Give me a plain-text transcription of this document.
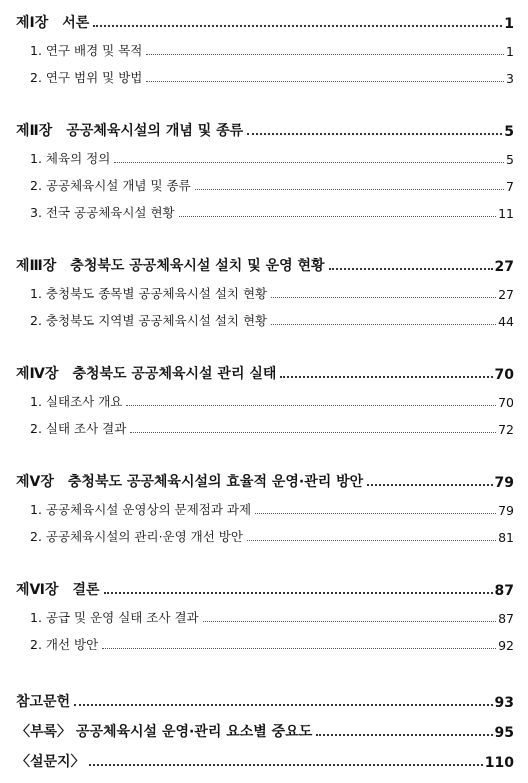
제Ⅰ장 서론	1
1. 연구 배경 및 목적	1
2. 연구 범위 및 방법	3
제Ⅱ장 공공체육시설의 개념 및 종류	5
1. 체육의 정의	5
2. 공공체육시설 개념 및 종류	7
3. 전국 공공체육시설 현황	11
제Ⅲ장 충청북도 공공체육시설 설치 및 운영 현황	27
1. 충청북도 종목별 공공체육시설 설치 현황	27
2. 충청북도 지역별 공공체육시설 설치 현황	44
제Ⅳ장 충청북도 공공체육시설 관리 실태	70
1. 실태조사 개요	70
2. 실태 조사 결과	72
제Ⅴ장 충청북도 공공체육시설의 효율적 운영·관리 방안	79
1. 공공체육시설 운영상의 문제점과 과제	79
2. 공공체육시설의 관리·운영 개선 방안	81
제Ⅵ장 결론	87
1. 공급 및 운영 실태 조사 결과	87
2. 개선 방안	92
참고문헌	93
〈부록〉 공공체육시설 운영·관리 요소별 중요도	95
〈설문지〉	110
